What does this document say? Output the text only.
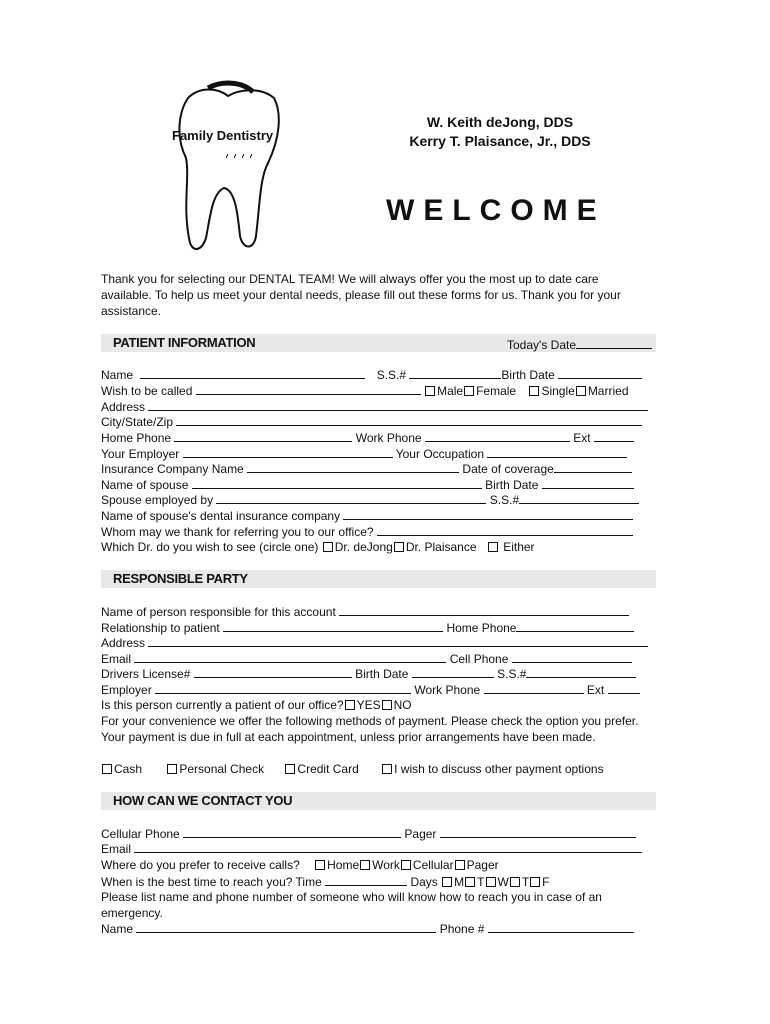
Family Dentistry
W. Keith deJong, DDS
Kerry T. Plaisance, Jr., DDS
WELCOME
Thank you for selecting our DENTAL TEAM! We will always offer you the most up to date care available. To help us meet your dental needs, please fill out these forms for us. Thank you for your assistance.
PATIENT INFORMATION	Today's Date
Name	S.S.#	Birth Date
Wish to be called	Male Female Single Married
Address
City/State/Zip
Home Phone	Work Phone	Ext
Your Employer	Your Occupation
Insurance Company Name	Date of coverage
Name of spouse	Birth Date
Spouse employed by	S.S.#
Name of spouse's dental insurance company
Whom may we thank for referring you to our office?
Which Dr. do you wish to see (circle one) Dr. deJong Dr. Plaisance Either
RESPONSIBLE PARTY
Name of person responsible for this account
Relationship to patient	Home Phone
Address
Email	Cell Phone
Drivers License#	Birth Date	S.S.#
Employer	Work Phone	Ext
Is this person currently a patient of our office? YES NO
For your convenience we offer the following methods of payment. Please check the option you prefer. Your payment is due in full at each appointment, unless prior arrangements have been made.
Cash	Personal Check	Credit Card	I wish to discuss other payment options
HOW CAN WE CONTACT YOU
Cellular Phone	Pager
Email
Where do you prefer to receive calls? Home Work Cellular Pager
When is the best time to reach you? Time	Days M T W T F
Please list name and phone number of someone who will know how to reach you in case of an emergency.
Name	Phone #
